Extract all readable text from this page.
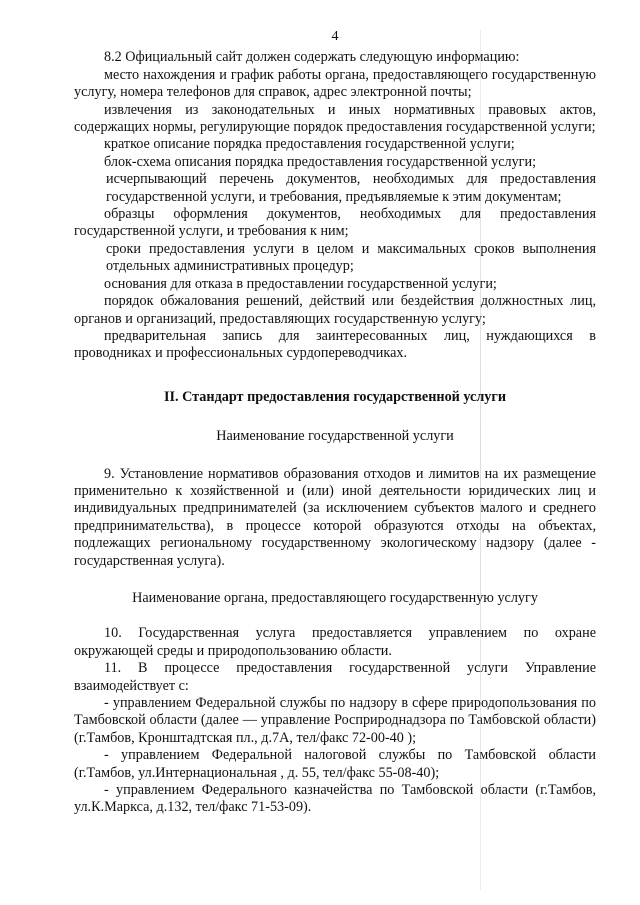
4

8.2 Официальный сайт должен содержать следующую информацию:

место нахождения и график работы органа, предоставляющего государственную услугу, номера телефонов для справок, адрес электронной почты;

извлечения из законодательных и иных нормативных правовых актов, содержащих нормы, регулирующие порядок предоставления государственной услуги;

краткое описание порядка предоставления государственной услуги;

блок-схема описания порядка предоставления государственной услуги;

исчерпывающий перечень документов, необходимых для предоставления государственной услуги, и требования, предъявляемые к этим документам;

образцы оформления документов, необходимых для предоставления государственной услуги, и требования к ним;

сроки предоставления услуги в целом и максимальных сроков выполнения отдельных административных процедур;

основания для отказа в предоставлении государственной услуги;

порядок обжалования решений, действий или бездействия должностных лиц, органов и организаций, предоставляющих государственную услугу;

предварительная запись для заинтересованных лиц, нуждающихся в проводниках и профессиональных сурдопереводчиках.

II. Стандарт предоставления государственной услуги
Наименование государственной услуги

9. Установление нормативов образования отходов и лимитов на их размещение применительно к хозяйственной и (или) иной деятельности юридических лиц и индивидуальных предпринимателей (за исключением субъектов малого и среднего предпринимательства), в процессе которой образуются отходы на объектах, подлежащих региональному государственному экологическому надзору (далее - государственная услуга).

Наименование органа, предоставляющего государственную услугу

10. Государственная услуга предоставляется управлением по охране окружающей среды и природопользованию области.

11. В процессе предоставления государственной услуги Управление взаимодействует с:

- управлением Федеральной службы по надзору в сфере природопользования по Тамбовской области (далее — управление Росприроднадзора по Тамбовской области) (г.Тамбов, Кронштадтская пл., д.7А, тел/факс 72-00-40 );

- управлением Федеральной налоговой службы по Тамбовской области (г.Тамбов, ул.Интернациональная , д. 55, тел/факс 55-08-40);

- управлением Федерального казначейства по Тамбовской области (г.Тамбов, ул.К.Маркса, д.132, тел/факс 71-53-09).
